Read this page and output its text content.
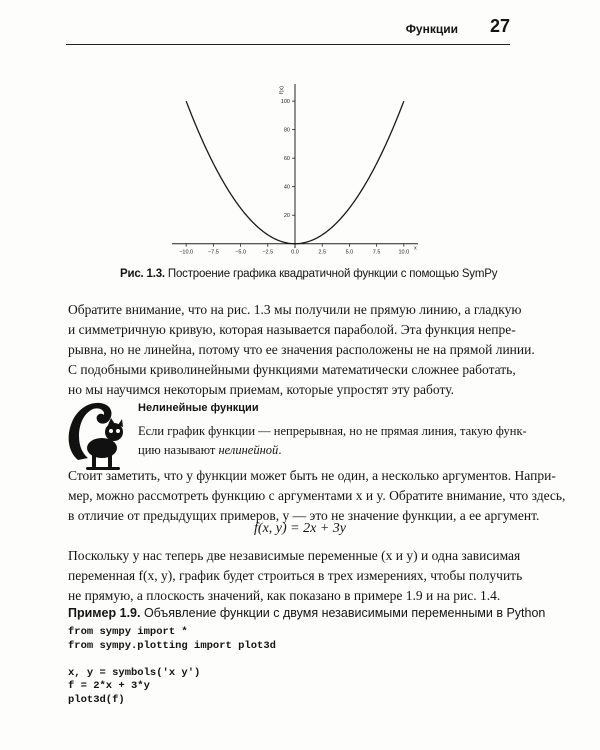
Функции 27
−10.0	−7.5	−5.0	−2.5	0.0	2.5	5.0	7.5	10.0
20
40
60
80
100
x
f(x)
Рис. 1.3. Построение графика квадратичной функции с помощью SymPy
Обратите внимание, что на рис. 1.3 мы получили не прямую линию, а гладкую
и симметричную кривую, которая называется параболой. Эта функция непре-
рывна, но не линейна, потому что ее значения расположены не на прямой линии.
С подобными криволинейными функциями математически сложнее работать,
но мы научимся некоторым приемам, которые упростят эту работу.
Нелинейные функции
Если график функции — непрерывная, но не прямая линия, такую функ-
цию называют нелинейной.
Стоит заметить, что у функции может быть не один, а несколько аргументов. Напри-
мер, можно рассмотреть функцию с аргументами x и y. Обратите внимание, что здесь,
в отличие от предыдущих примеров, y — это не значение функции, а ее аргумент.
f(x, y) = 2x + 3y
Поскольку у нас теперь две независимые переменные (x и y) и одна зависимая
переменная f(x, y), график будет строиться в трех измерениях, чтобы получить
не прямую, а плоскость значений, как показано в примере 1.9 и на рис. 1.4.
Пример 1.9. Объявление функции с двумя независимыми переменными в Python
from sympy import *
from sympy.plotting import plot3d
x, y = symbols('x y')
f = 2*x + 3*y
plot3d(f)
